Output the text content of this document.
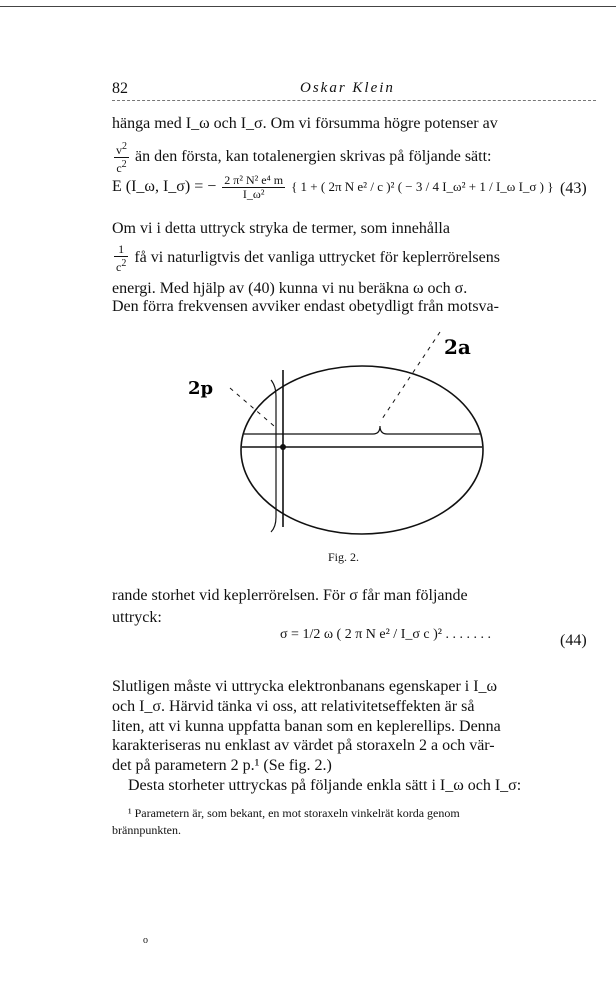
82	Oskar Klein
hänga med I_ω och I_σ. Om vi försumma högre potenser av
$\frac{v^2}{c^2}$ än den första, kan totalenergien skrivas på följande sätt:
E (I_ω, I_σ) = − $\frac{\text{2 π² N² e⁴ m}}{\text{I\_ω²}}$ { 1 + ( 2π N e² / c )² ( − 3 / 4 I_ω² + 1 / I_ω I_σ ) } (43)
Om vi i detta uttryck stryka de termer, som innehålla
$\frac{1}{c^2}$ få vi naturligtvis det vanliga uttrycket för keplerrörelsens
energi. Med hjälp av (40) kunna vi nu beräkna ω och σ.
Den förra frekvensen avviker endast obetydligt från motsva-
2a
2p
Fig. 2.
rande storhet vid keplerrörelsen. För σ får man följande
uttryck:
σ = 1/2 ω ( 2 π N e² / I_σ c )² . . . . . . .	(44)
Slutligen måste vi uttrycka elektronbanans egenskaper i I_ω
och I_σ. Härvid tänka vi oss, att relativitetseffekten är så
liten, att vi kunna uppfatta banan som en keplerellips. Denna
karakteriseras nu enklast av värdet på storaxeln 2 a och vär-
det på parametern 2 p.¹ (Se fig. 2.)
Desta storheter uttryckas på följande enkla sätt i I_ω och I_σ:
¹ Parametern är, som bekant, en mot storaxeln vinkelrät korda genom
brännpunkten.
o
